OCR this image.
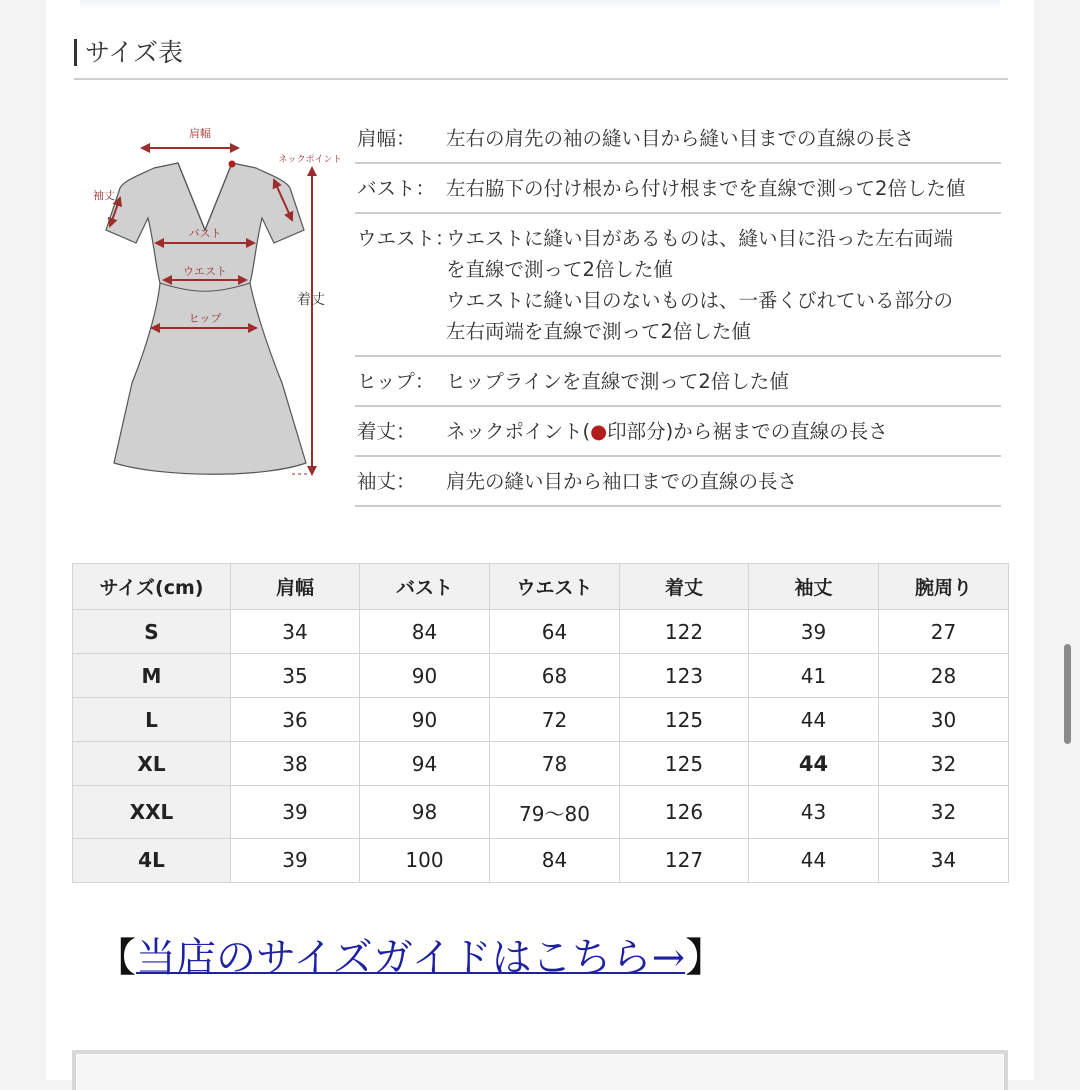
サイズ表
肩幅
ネックポイント
袖丈
バスト
ウエスト
ヒップ
着丈
肩幅： 左右の肩先の袖の縫い目から縫い目までの直線の長さ
バスト： 左右脇下の付け根から付け根までを直線で測って2倍した値
ウエスト：
ウエストに縫い目があるものは、縫い目に沿った左右両端
を直線で測って2倍した値
ウエストに縫い目のないものは、一番くびれている部分の
左右両端を直線で測って2倍した値
ヒップ： ヒップラインを直線で測って2倍した値
着丈： ネックポイント(●印部分)から裾までの直線の長さ
袖丈： 肩先の縫い目から袖口までの直線の長さ
サイズ(cm)	肩幅	バスト	ウエスト	着丈	袖丈	腕周り
S	34	84	64	122	39	27
M	35	90	68	123	41	28
L	36	90	72	125	44	30
XL	38	94	78	125	44	32
XXL	39	98	79～80	126	43	32
4L	39	100	84	127	44	34
【当店のサイズガイドはこちら→】
